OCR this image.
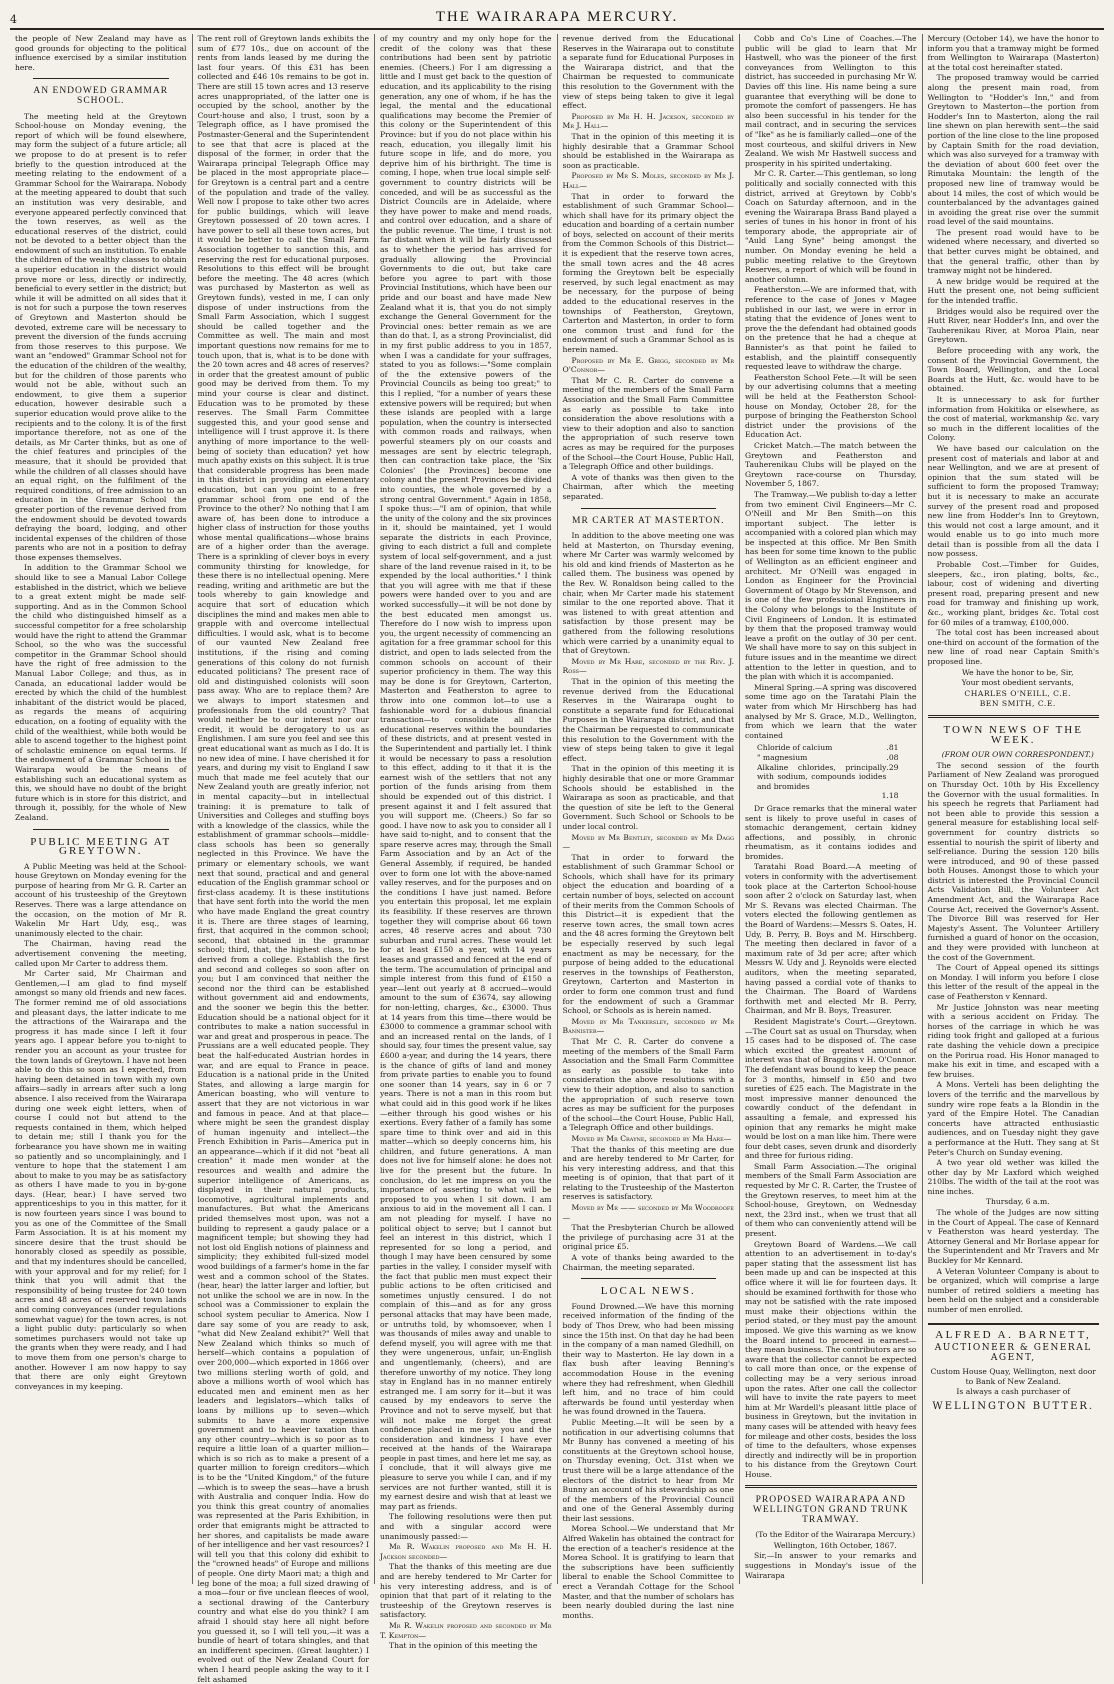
4	THE WAIRARAPA MERCURY.

the people of New Zealand may have as good grounds for objecting to the political influence exercised by a similar institution here.

AN ENDOWED GRAMMAR SCHOOL.

The meeting held at the Greytown School-house on Monday evening, the report of which will be found elsewhere, may form the subject of a future article; all we propose to do at present is to refer briefly to the question introduced at the meeting relating to the endowment of a Grammar School for the Wairarapa. Nobody at the meeting appeared to doubt that such an institution was very desirable, and everyone appeared perfectly convinced that the town reserves, as well as the educational reserves of the district, could not be devoted to a better object than the endowment of such an institution. To enable the children of the wealthy classes to obtain a superior education in the district would prove more or less, directly or indirectly, beneficial to every settler in the district; but while it will be admitted on all sides that it is not for such a purpose the town reserves of Greytown and Masterton should be devoted, extreme care will be necessary to prevent the diversion of the funds accruing from those reserves to this purpose. We want an "endowed" Grammar School not for the education of the children of the wealthy, but for the children of those parents who would not be able, without such an endowment, to give them a superior education, however desirable such a superior education would prove alike to the recipients and to the colony. It is of the first importance therefore, not as one of the details, as Mr Carter thinks, but as one of the chief features and principles of the measure, that it should be provided that while the children of all classes should have an equal right, on the fulfilment of the required conditions, of free admission to an education in the Grammar School the greater portion of the revenue derived from the endowment should be devoted towards defraying the board, lodging, and other incidental expenses of the children of those parents who are not in a position to defray those expenses themselves.

In addition to the Grammar School we should like to see a Manual Labor College established in the district, which we believe to a great extent might be made self-supporting. And as in the Common School the child who distinguished himself as a successful competitor for a free scholarship would have the right to attend the Grammar School, so the who was the successful competitor in the Grammar School should have the right of free admission to the Manual Labor College; and thus, as in Canada, an educational ladder would be erected by which the child of the humblest inhabitant of the district would be placed, as regards the means of acquiring education, on a footing of equality with the child of the wealthiest, while both would be able to ascend together to the highest point of scholastic eminence on equal terms. If the endowment of a Grammar School in the Wairarapa would be the means of establishing such an educational system as this, we should have no doubt of the bright future which is in store for this district, and through it, possibly, for the whole of New Zealand.

PUBLIC MEETING AT GREYTOWN.

A Public Meeting was held at the School-house Greytown on Monday evening for the purpose of hearing from Mr G. R. Carter an account of his trusteeship of the Greytown Reserves. There was a large attendance on the occasion, on the motion of Mr R. Wakelin Mr Hart Udy, esq., was unanimously elected to the chair.

The Chairman, having read the advertisement convening the meeting, called upon Mr Carter to address them.

Mr Carter said, Mr Chairman and Gentlemen,—I am glad to find myself amongst so many old friends and new faces. The former remind me of old associations and pleasant days, the latter indicate to me the attractions of the Wairarapa and the progress it has made since I left it four years ago. I appear before you to-night to render you an account as your trustee for the town lands of Greytown. I have not been able to do this so soon as I expected, from having been detained in town with my own affairs—sadly in arrears after such a long absence. I also received from the Wairarapa during one week eight letters, when of course I could not but attend to the requests contained in them, which helped to detain me; still I thank you for the forbearance you have shown me in waiting so patiently and so uncomplainingly, and I venture to hope that the statement I am about to make to you may be as satisfactory as others I have made to you in by-gone days. (Hear, hear.) I have served two apprenticeships to you in this matter, for it is now fourteen years since I was bound to you as one of the Committee of the Small Farm Association. It is at his moment my sincere desire that the trust should be honorably closed as speedily as possible, and that my indentures should be cancelled, with your approval and for my relief; for I think that you will admit that the responsibility of being trustee for 240 town acres and 48 acres of reserved town lands and coming conveyances (under regulations somewhat vague) for the town acres, is not a light public duty: particularly so when sometimes purchasers would not take up the grants when they were ready, and I had to move them from one person's charge to another. However I am now happy to say that there are only eight Greytown conveyances in my keeping.

The rent roll of Greytown lands exhibits the sum of £77 10s., due on account of the rents from lands leased by me during the last four years. Of this £31 has been collected and £46 10s remains to be got in. There are still 15 town acres and 13 reserve acres unappropriated, of the latter one is occupied by the school, another by the Court-house and also, I trust, soon by a Telegraph office, as I have promised the Postmaster-General and the Superintendent to see that that acre is placed at the disposal of the former, in order that the Wairarapa principal Telegraph Office may be placed in the most appropriate place—for Greytown is a central part and a centre of the population and trade of the valley. Well now I propose to take other two acres for public buildings, which will leave Greytown possessed of 20 town acres. I have power to sell all these town acres, but it would be better to call the Small Farm Association together to sanction this, and reserving the rest for educational purposes. Resolutions to this effect will be brought before the meeting. The 48 acres (which was purchased by Masterton as well as Greytown funds), vested in me, I can only dispose of under instructions from the Small Farm Association, which I suggest should be called together and the Committee as well. The main and most important questions now remains for me to touch upon, that is, what is to be done with the 20 town acres and 48 acres of reserves? in order that the greatest amount of public good may be derived from them. To my mind your course is clear and distinct. Education was to be promoted by these reserves. The Small Farm Committee suggested this, and your good sense and intelligence will I trust approve it. Is there anything of more importance to the well-being of society than education? yet how much apathy exists on this subject. It is true that considerable progress has been made in this district in providing an elementary education, but can you point to a free grammar school from one end of the Province to the other? No nothing that I am aware of, has been done to introduce a higher class of instruction for those youths whose mental qualifications—whose brains are of a higher order than the average. There is a sprinkling of clever boys in every community thirsting for knowledge, for these there is no intellectual opening. Mere reading, writing and arithmetic are but the tools whereby to gain knowledge and acquire that sort of education which disciplines the mind and makes men able to grapple with and overcome intellectual difficulties. I would ask, what is to become of our vaunted New Zealand free institutions, if the rising and coming generations of this colony do not furnish educated politicians? The present race of old and distinguished colonists will soon pass away. Who are to replace them? Are we always to import statesmen and professionals from the old country? That would neither be to our interest nor our credit, it would be derogatory to us as Englishmen. I am sure you feel and see this great educational want as much as I do. It is no new idea of mine. I have cherished it for years, and during my visit to England I saw much that made me feel acutely that our New Zealand youth are greatly inferior, not in mental capacity—but in intellectual training: it is premature to talk of Universities and Colleges and stuffing boys with a knowledge of the classics, while the establishment of grammar schools—middle-class schools has been so generally neglected in this Province. We have the primary or elementary schools, we want next that sound, practical and and general education of the English grammar school or first-class academy. It is these institutions that have sent forth into the world the men who have made England the great country it is. There are three stages of learning, first, that acquired in the common school; second, that obtained in the grammar school; third, that, the highest class, to be derived from a college. Establish the first and second and colleges so soon after on you; but I am convinced that neither the second nor the third can be established without government aid and endowments, and the sooner we begin this the better. Education should be a national object for it contributes to make a nation successful in war and great and prosperous in peace. The Prussians are a well educated people. They beat the half-educated Austrian hordes in war, and are equal to France in peace. Education is a national pride in the United States, and allowing a large margin for American boasting, who will venture to assert that they are not victorious in war and famous in peace. And at that place—where might be seen the grandest display of human ingenuity and intellect—the French Exhibition in Paris—America put in an appearance—which if it did not "beat all creation" it made men wonder at the resources and wealth and admire the superior intelligence of Americans, as displayed in their natural products, locomotive, agricultural implements and manufactures. But what the Americans prided themselves most upon, was not a building to represent a gaudy palace or a magnificent temple; but showing they had not lost old English notions of plainness and simplicity; they exhibited full-sized model wood buildings of a farmer's home in the far west and a common school of the States. (hear, hear) the latter larger and loftier, but not unlike the school we are in now. In the school was a Commissioner to explain the school system peculiar to America. Now I dare say some of you are ready to ask, "what did New Zealand exhibit?" Well that New Zealand which thinks so much of herself—which contains a population of over 200,000—which exported in 1866 over two millions sterling worth of gold, and above a millions worth of wool which has educated men and eminent men as her leaders and legislators—which talks of loans by millions up to seven—which submits to have a more expensive government and to heavier taxation than any other country—which is so poor as to require a little loan of a quarter million—which is so rich as to make a present of a quarter million to foreign creditors—which is to be the "United Kingdom," of the future—which is to sweep the seas—have a brush with Australia and conquer India. How do you think this great country of anomalies was represented at the Paris Exhibition, in order that emigrants might be attracted to her shores, and capitalists be made aware of her intelligence and her vast resources? I will tell you that this colony did exhibit to the "crowned heads" of Europe and millions of people. One dirty Maori mat; a thigh and leg bone of the moa; a full sized drawing of a moa—four or five unclean fleeces of wool, a sectional drawing of the Canterbury country and what else do you think? I am afraid I should stay here all night before you guessed it, so I will tell you,—it was a bundle of heart of totara shingles, and that an indifferent specimen. (Great laughter.) I evolved out of the New Zealand Court for when I heard people asking the way to it I felt ashamed

of my country and my only hope for the credit of the colony was that these contributions had been sent by patriotic enemies. (Cheers.) For I am digressing a little and I must get back to the question of education, and its applicability to the rising generation, any one of whom, if he has the legal, the mental and the educational qualifications may become the Premier of this colony or the Superintendent of this Province: but if you do not place within his reach, education, you illegally limit his future scope in life, and do more, you deprive him of his birthright. The time is coming, I hope, when true local simple self-government to country districts will be conceded, and will be as successful as the District Councils are in Adelaide, where they have power to make and mend roads, and control over education, and a share of the public revenue. The time, I trust is not far distant when it will be fairly discussed as to whether the period has arrived for gradually allowing the Provincial Governments to die out, but take care before you agree to part with those Provincial Institutions, which have been our pride and our boast and have made New Zealand what it is, that you do not simply exchange the General Government for the Provincial ones: better remain as we are than do that. I, as a strong Provincialist, did in my first public address to you in 1857, when I was a candidate for your suffrages, stated to you as follows:—"Some complain of the the extensive powers of the Provincial Councils as being too great;" to this I replied, "for a number of years these extensive powers will be required; but when these islands are peopled with a large population, when the country is intersected with common roads and railways, when powerful steamers ply on our coasts and messages are sent by electric telegraph, then can contraction take place, the 'Six Colonies' [the Provinces] become one colony and the present Provinces be divided into counties, the whole governed by a strong central Government." Again in 1858, I spoke thus:—"I am of opinion, that while the unity of the colony and the six provinces in it, should be maintained, yet I would separate the districts in each Province, giving to each district a full and complete system of local self-government, and a just share of the land revenue raised in it, to be expended by the local authorities." I think that you will agree with me that if these powers were handed over to you and are worked successfully—it will be not done by the best educated men amongst us. Therefore do I now wish to impress upon you, the urgent necessity of commencing an agitation for a free grammar school for this district, and open to lads selected from the common schools on account of their superior proficiency in them. The way this may be done is for Greytown, Carterton, Masterton and Featherston to agree to throw into one common lot—to use a fashionable word for a dubious financial transaction—to consolidate all the educational reserves within the boundaries of these districts, and at present vested in the Superintendent and partially let. I think it would be necessary to pass a resolution to this effect, adding to it that it is the earnest wish of the settlers that not any portion of the funds arising from them should be expended out of this district. I present against it and I felt assured that you will support me. (Cheers.) So far so good. I have now to ask you to consider all I have said to-night, and to consent that the spare reserve acres may, through the Small Farm Association and by an Act of the General Assembly, if required, be handed over to form one lot with the above-named valley reserves, and for the purposes and on the conditions I have just named. Before you entertain this proposal, let me explain its feasibility. If these reserves are thrown together they will comprise about 66 town acres, 48 reserve acres and about 730 suburban and rural acres. These would let for at least £150 a year, with 14 years leases and grassed and fenced at the end of the term. The accumulation of principal and simple interest from this fund of £150 a year—lent out yearly at 8 accrued—would amount to the sum of £3674, say allowing for non-letting, charges, &c., £3000. Thus at 14 years from this time—there would be £3000 to commence a grammar school with and an increased rental on the lands, of I should say, four times the present value, say £600 a-year, and during the 14 years, there is the chance of gifts of land and money from private parties to enable you to found one sooner than 14 years, say in 6 or 7 years. There is not a man in this room but what could aid in this good work if he likes—either through his good wishes or his exertions. Every father of a family has some spare time to think over and aid in this matter—which so deeply concerns him, his children, and future generations. A man does not live for himself alone: he does not live for the present but the future. In conclusion, do let me impress on you the importance of asserting to what will be proposed to you when I sit down. I am anxious to aid in the movement all I can. I am not pleading for myself. I have no political object to serve; but I cannot but feel an interest in this district, which I represented for so long a period, and though I may have been censured by some parties in the valley, I consider myself with the fact that public men must expect their public actions to be often criticised and sometimes unjustly censured. I do not complain of this—and as for any gross personal attacks that may have been made, or untruths told, by whomsoever, when I was thousands of miles away and unable to defend myself, you will agree with me that they were ungenerous, unfair, un-English and ungentlemanly, (cheers), and are therefore unworthy of my notice. They long stay in England has in no manner entirely estranged me. I am sorry for it—but it was caused by my endeavors to serve the Province and not to serve myself, but that will not make me forget the great confidence placed in me by you and the consideration and kindness I have ever received at the hands of the Wairarapa people in past times, and here let me say, as I conclude, that it will always give me pleasure to serve you while I can, and if my services are not further wanted, still it is my earnest desire and wish that at least we may part as friends.

The following resolutions were then put and with a singular accord were unanimously passed:—

Mr R. Wakelin proposed and Mr H. H. Jackson seconded—

That the thanks of this meeting are due and are hereby tendered to Mr Carter for his very interesting address, and is of opinion that that part of it relating to the trusteeship of the Greytown reserves is satisfactory.

Mr R. Wakelin proposed and seconded by Mr T. Kempton—

That in the opinion of this meeting the

revenue derived from the Educational Reserves in the Wairarapa out to constitute a separate fund for Educational Purposes in the Wairarapa district, and that the Chairman be requested to communicate this resolution to the Government with the view of steps being taken to give it legal effect.

Proposed by Mr H. H. Jackson, seconded by Mr J. Hall—

That in the opinion of this meeting it is highly desirable that a Grammar School should be established in the Wairarapa as soon as practicable.

Proposed by Mr S. Moles, seconded by Mr J. Hall—

That in order to forward the establishment of such Grammar School—which shall have for its primary object the education and boarding of a certain number of boys, selected on account of their merits from the Common Schools of this District—it is expedient that the reserve town acres, the small town acres and the 48 acres forming the Greytown belt be especially reserved, by such legal enactment as may be necessary, for the purpose of being added to the educational reserves in the townships of Featherston, Greytown, Carterton and Masterton, in order to form one common trust and fund for the endowment of such a Grammar School as is herein named.

Proposed by Mr E. Grigg, seconded by Mr O'Connor—

That Mr C. R. Carter do convene a meeting of the members of the Small Farm Association and the Small Farm Committee as early as possible to take into consideration the above resolutions with a view to their adoption and also to sanction the appropriation of such reserve town acres as may be required for the purposes of the School—the Court House, Public Hall, a Telegraph Office and other buildings.

A vote of thanks was then given to the Chairman, after which the meeting separated.

MR CARTER AT MASTERTON.

In addition to the above meeting one was held at Masterton, on Thursday evening, where Mr Carter was warmly welcomed by his old and kind friends of Masterton as he called them. The business was opened by the Rev. W. Ronaldson being called to the chair, when Mr Carter made his statement similar to the one reported above. That it was listened to with great attention and satisfaction by those present may be gathered from the following resolutions which were carried by a unanimity equal to that of Greytown.

Moved by Mr Hare, seconded by the Rev. J. Ross—

That in the opinion of this meeting the revenue derived from the Educational Reserves in the Wairarapa ought to constitute a separate fund for Educational Purposes in the Wairarapa district, and that the Chairman be requested to communicate this resolution to the Government with the view of steps being taken to give it legal effect.

That in the opinion of this meeting it is highly desirable that one or more Grammar Schools should be established in the Wairarapa as soon as practicable, and that the question of site be left to the General Government. Such School or Schools to be under local control.

Moved by Mr Bentley, seconded by Mr Dagg—

That in order to forward the establishment of such Grammar School or Schools, which shall have for its primary object the education and boarding of a certain number of boys, selected on account of their merits from the Common Schools of this District—it is expedient that the reserve town acres, the small town acres and the 48 acres forming the Greytown belt be especially reserved by such legal enactment as may be necessary, for the purpose of being added to the educational reserves in the townships of Featherston, Greytown, Carterton and Masterton in order to form one common trust and fund for the endowment of such a Grammar School, or Schools as is herein named.

Moved by Mr Tankersley, seconded by Mr Bannister—

That Mr C. R. Carter do convene a meeting of the members of the Small Farm Association and the Small Farm Committee as early as possible to take into consideration the above resolutions with a view to their adoption, and also to sanction the appropriation of such reserve town acres as may be sufficient for the purposes of the school—the Court House, Public Hall, a Telegraph Office and other buildings.

Moved by Mr Crayne, seconded by Mr Hare—

That the thanks of this meeting are due and are hereby tendered to Mr Carter, for his very interesting address, and that this meeting is of opinion, that that part of it relating to the Trusteeship of the Masterton reserves is satisfactory.

Moved by Mr —— seconded by Mr Woodroofe—

That the Presbyterian Church be allowed the privilege of purchasing acre 31 at the original price £5.

A vote of thanks being awarded to the Chairman, the meeting separated.

LOCAL NEWS.

Found Drowned.—We have this morning received information of the finding of the body of Thos Drew, who had been missing since the 15th inst. On that day he had been in the company of a man named Gledhill, on their way to Masterton. He lay down in a flax bush after leaving Benning's accommodation House in the evening where they had refreshment, when Gledhill left him, and no trace of him could afterwards be found until yesterday when he was found drowned in the Tauera.

Public Meeting.—It will be seen by a notification in our advertising columns that Mr Bunny has convened a meeting of his constituents at the Greytown school house, on Thursday evening, Oct. 31st when we trust there will be a large attendance of the electors of the district to hear from Mr Bunny an account of his stewardship as one of the members of the Provincial Council and one of the General Assembly during their last sessions.

Morea School.—We understand that Mr Alfred Wakelin has obtained the contract for the erection of a teacher's residence at the Morea School. It is gratifying to learn that the subscriptions have been sufficiently liberal to enable the School Committee to erect a Verandah Cottage for the School Master, and that the number of scholars has been nearly doubled during the last nine months.

Cobb and Co's Line of Coaches.—The public will be glad to learn that Mr Hastwell, who was the pioneer of the first conveyances from Wellington to this district, has succeeded in purchasing Mr W. Davies off this line. His name being a sure guarantee that everything will be done to promote the comfort of passengers. He has also been successful in his tender for the mail contract, and in securing the services of "Ike" as he is familiarly called—one of the most courteous, and skilful drivers in New Zealand. We wish Mr Hastwell success and prosperity in his spirited undertaking.

Mr C. R. Carter.—This gentleman, so long politically and socially connected with this district, arrived at Greytown by Cobb's Coach on Saturday afternoon, and in the evening the Wairarapa Brass Band played a series of tunes in his honor in front of his temporary abode, the appropriate air of "Auld Lang Syne" being amongst the number. On Monday evening he held a public meeting relative to the Greytown Reserves, a report of which will be found in another column.

Featherston.—We are informed that, with reference to the case of Jones v Magee published in our last, we were in error in stating that the evidence of Jones went to prove the the defendant had obtained goods on the pretence that he had a cheque at Bannister's as that point he failed to establish, and the plaintiff consequently requested leave to withdraw the charge.

Featherston School Fete.—It will be seen by our advertising columns that a meeting will be held at the Featherston School-house on Monday, October 28, for the purpose of bringing the Featherston School district under the provisions of the Education Act.

Cricket Match.—The match between the Greytown and Featherston and Tauherenikau Clubs will be played on the Greytown race-course on Thursday, November 5, 1867.

The Tramway.—We publish to-day a letter from two eminent Civil Engineers—Mr C. O'Neill and Mr Ben Smith—on this important subject. The letter is accompanied with a colored plan which may be inspected at this office. Mr Ben Smith has been for some time known to the public of Wellington as an efficient engineer and architect. Mr O'Neill was engaged in London as Engineer for the Provincial Government of Otago by Mr Stevenson, and is one of the few professional Engineers in the Colony who belongs to the Institute of Civil Engineers of London. It is estimated by them that the proposed tramway would leave a profit on the outlay of 30 per cent. We shall have more to say on this subject in future issues and in the meantime we direct attention to the letter in question, and to the plan with which it is accompanied.

Mineral Spring.—A spring was discovered some time ago on the Taratahi Plain the water from which Mr Hirschberg has had analysed by Mr S. Grace, M.D., Wellington, from which we learn that the water contained

Chloride of calcium	.81
" magnesium	.08
Alkaline chlorides, principally with sodium, compounds iodides and bromides
.29
1.18

Dr Grace remarks that the mineral water sent is likely to prove useful in cases of stomachic derangement, certain kidney affections, and possibly, in chronic rheumatism, as it contains iodides and bromides.

Taratahi Road Board.—A meeting of voters in conformity with the advertisement took place at the Carterton School-house soon after 2 o'clock on Saturday last, when Mr S. Revans was elected Chairman. The voters elected the following gentlemen as the Board of Wardens:—Messrs S. Oates, H. Udy, B. Perry, B. Boys and M. Hirschberg. The meeting then declared in favor of a maximum rate of 3d per acre; after which Messrs W. Udy and J. Reynolds were elected auditors, when the meeting separated, having passed a cordial vote of thanks to the Chairman. The Board of Wardens forthwith met and elected Mr B. Perry, Chairman, and Mr B. Boys, Treasurer.

Resident Magistrate's Court.—Greytown.—The Court sat as usual on Thursday, when 15 cases had to be disposed of. The case which excited the greatest amount of interest was that of Braggins v H. O'Connor. The defendant was bound to keep the peace for 3 months, himself in £50 and two sureties of £25 each. The Magistrate in the most impressive manner denounced the cowardly conduct of the defendant in assaulting a female, and expressed his opinion that any remarks he might make would be lost on a man like him. There were four debt cases, seven drunk and disorderly and three for furious riding.

Small Farm Association.—The original members of the Small Farm Association are requested by Mr C. R. Carter, the Trustee of the Greytown reserves, to meet him at the School-house, Greytown, on Wednesday next, the 23rd inst., when we trust that all of them who can conveniently attend will be present.

Greytown Board of Wardens.—We call attention to an advertisement in to-day's paper stating that the assessment list has been made up and can be inspected at this office where it will lie for fourteen days. It should be examined forthwith for those who may not be satisfied with the rate imposed must make their objections within the period stated, or they must pay the amount imposed. We give this warning as we know the Board intend to proceed in earnest—they mean business. The contributors are so aware that the collector cannot be expected to call more than once, or the expense of collecting may be a very serious inroad upon the rates. After one call the collector will have to invite the rate payers to meet him at Mr Wardell's pleasant little place of business in Greytown, but the invitation in many cases will be attended with heavy fees for mileage and other costs, besides the loss of time to the defaulters, whose expenses directly and indirectly will be in proportion to his distance from the Greytown Court House.

PROPOSED WAIRARAPA AND WELLINGTON GRAND TRUNK TRAMWAY.

(To the Editor of the Wairarapa Mercury.)

Wellington, 16th October, 1867.

Sir,—In answer to your remarks and suggestions in Monday's issue of the Wairarapa

Mercury (October 14), we have the honor to inform you that a tramway might be formed from Wellington to Wairarapa (Masterton) at the total cost hereinafter stated.

The proposed tramway would be carried along the present main road, from Wellington to "Hodder's Inn," and from Greytown to Masterton—the portion from Hodder's Inn to Masterton, along the rail line shewn on plan herewith sent—the said portion of the line close to the line proposed by Captain Smith for the road deviation, which was also surveyed for a tramway with the deviation of about 600 feet over the Rimutaka Mountain: the length of the proposed new line of tramway would be about 14 miles, the cost of which would be counterbalanced by the advantages gained in avoiding the great rise over the summit road level of the said mountains.

The present road would have to be widened where necessary, and diverted so that better curves might be obtained, and that the general traffic, other than by tramway might not be hindered.

A new bridge would be required at the Hutt the present one, not being sufficient for the intended traffic.

Bridges would also be required over the Hutt River, near Hodder's Inn, and over the Tauherenikau River, at Moroa Plain, near Greytown.

Before proceeding with any work, the consent of the Provincial Government, the Town Board, Wellington, and the Local Boards at the Hutt, &c. would have to be obtained.

It is unnecessary to ask for further information from Hokitika or elsewhere, as the cost of material, workmanship &c. vary so much in the different localities of the Colony.

We have based our calculation on the present cost of materials and labor at and near Wellington, and we are at present of opinion that the sum stated will be sufficient to form the proposed Tramway; but it is necessary to make an accurate survey of the present road and proposed new line from Hodder's Inn to Greytown, this would not cost a large amount, and it would enable us to go into much more detail than is possible from all the data I now possess.

Probable Cost.—Timber for Guides, sleepers, &c., iron plating, bolts, &c., labour, cost of widening and diverting present road, preparing present and new road for tramway and finishing up work, &c., working plant, bridges &c. Total cost for 60 miles of a tramway, £100,000.

The total cost has been increased about one-third on account of the formation of the new line of road near Captain Smith's proposed line.

We have the honor to be, Sir,

Your most obedient servants,

CHARLES O'NEILL, C.E.

BEN SMITH, C.E.

TOWN NEWS OF THE WEEK.

(FROM OUR OWN CORRESPONDENT.)

The second session of the fourth Parliament of New Zealand was prorogued on Thursday Oct. 10th by His Excellency the Governor with the usual formalities. In his speech he regrets that Parliament had not been able to provide this session a general measure for establishing local self-government for country districts so essential to nourish the spirit of liberty and self-reliance. During the session 120 bills were introduced, and 90 of these passed both Houses. Amongst those to which your district is interested the Provincial Council Acts Validation Bill, the Volunteer Act Amendment Act, and the Wairarapa Race Course Act, received the Governor's Assent. The Divorce Bill was reserved for Her Majesty's Assent. The Volunteer Artillery furnished a guard of honor on the occasion, and they were provided with luncheon at the cost of the Government.

The Court of Appeal opened its sittings on Monday. I will inform you before I close this letter of the result of the appeal in the case of Featherston v Kennard.

Mr Justice Johnston was near meeting with a serious accident on Friday. The horses of the carriage in which he was riding took fright and galloped at a furious rate dashing the vehicle down a precipice on the Porirua road. His Honor managed to make his exit in time, and escaped with a few bruises.

A Mons. Verteli has been delighting the lovers of the terrific and the marvellous by sundry wire rope feats a la Blondin in the yard of the Empire Hotel. The Canadian concerts have attracted enthusiastic audiences, and on Tuesday night they gave a performance at the Hutt. They sang at St Peter's Church on Sunday evening.

A two year old wether was killed the other day by Mr Laxford which weighed 210lbs. The width of the tail at the root was nine inches.

Thursday, 6 a.m.

The whole of the Judges are now sitting in the Court of Appeal. The case of Kennard v Featherston was heard yesterday. The Attorney General and Mr Borlase appear for the Superintendent and Mr Travers and Mr Buckley for Mr Kennard.

A Veteran Volunteer Company is about to be organized, which will comprise a large number of retired soldiers a meeting has been held on the subject and a considerable number of men enrolled.

ALFRED A. BARNETT,
AUCTIONEER & GENERAL AGENT,
Custom House Quay, Wellington, next door to Bank of New Zealand.
Is always a cash purchaser of
WELLINGTON BUTTER.
